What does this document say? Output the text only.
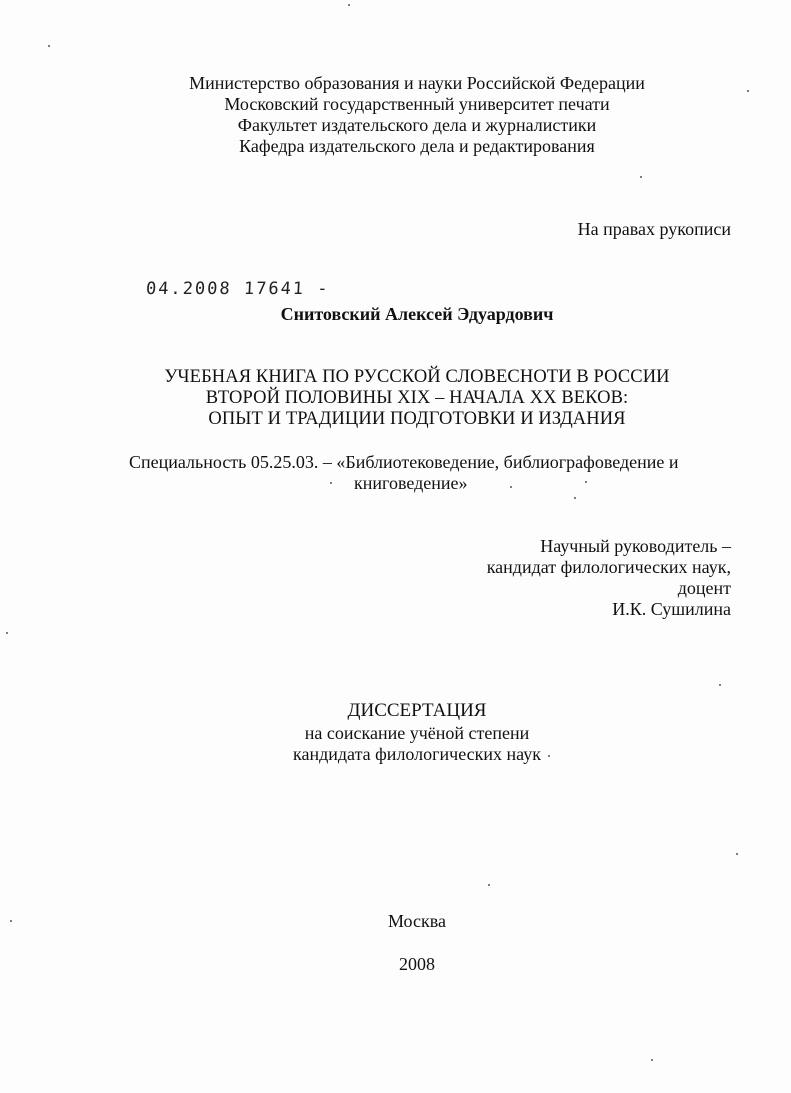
Министерство образования и науки Российской Федерации
Московский государственный университет печати
Факультет издательского дела и журналистики
Кафедра издательского дела и редактирования
На правах рукописи
04.2008 17641 -
Снитовский Алексей Эдуардович
УЧЕБНАЯ КНИГА ПО РУССКОЙ СЛОВЕСНОТИ В РОССИИ
ВТОРОЙ ПОЛОВИНЫ XIX – НАЧАЛА XX ВЕКОВ:
ОПЫТ И ТРАДИЦИИ ПОДГОТОВКИ И ИЗДАНИЯ
Специальность 05.25.03. – «Библиотековедение, библиографоведение и
книговедение»
Научный руководитель –
кандидат филологических наук,
доцент
И.К. Сушилина
ДИССЕРТАЦИЯ
на соискание учёной степени
кандидата филологических наук
Москва
2008
